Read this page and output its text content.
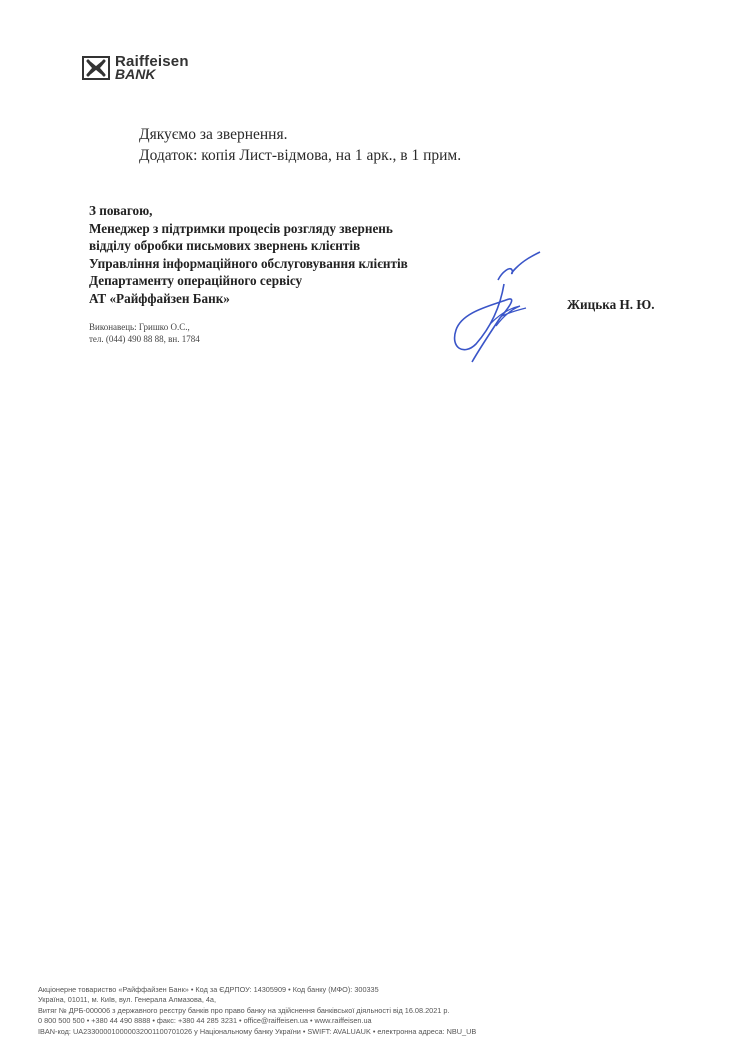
Raiffeisen
BANK
Дякуємо за звернення.
Додаток: копія Лист-відмова, на 1 арк., в 1 прим.
З повагою,
Менеджер з підтримки процесів розгляду звернень
відділу обробки письмових звернень клієнтів
Управління інформаційного обслуговування клієнтів
Департаменту операційного сервісу
АТ «Райффайзен Банк»	Жицька Н. Ю.
Виконавець: Гришко О.С.,
тел. (044) 490 88 88, вн. 1784
Акціонерне товариство «Райффайзен Банк» • Код за ЄДРПОУ: 14305909 • Код банку (МФО): 300335
Україна, 01011, м. Київ, вул. Генерала Алмазова, 4а,
Витяг № ДРБ-000006 з державного реєстру банків про право банку на здійснення банківської діяльності від 16.08.2021 р.
0 800 500 500 • +380 44 490 8888 • факс: +380 44 285 3231 • office@raiffeisen.ua • www.raiffeisen.ua
IBAN-код: UA233000010000032001100701026 у Національному банку України • SWIFT: AVALUAUK • електронна адреса: NBU_UB
